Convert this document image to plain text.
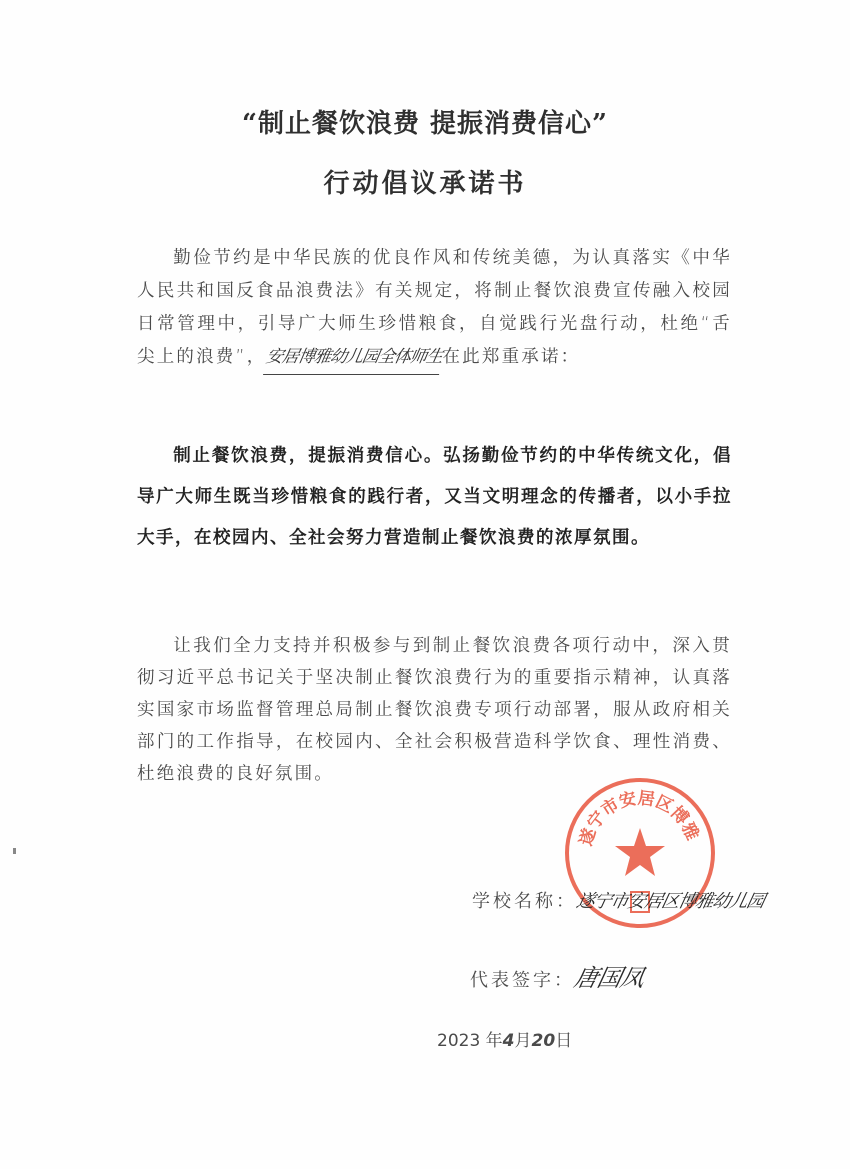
“制止餐饮浪费 提振消费信心”
行动倡议承诺书
勤俭节约是中华民族的优良作风和传统美德，为认真落实《中华人民共和国反食品浪费法》有关规定，将制止餐饮浪费宣传融入校园日常管理中，引导广大师生珍惜粮食，自觉践行光盘行动，杜绝“舌尖上的浪费”，安居博雅幼儿园全体师生在此郑重承诺：
制止餐饮浪费，提振消费信心。弘扬勤俭节约的中华传统文化，倡导广大师生既当珍惜粮食的践行者，又当文明理念的传播者，以小手拉大手，在校园内、全社会努力营造制止餐饮浪费的浓厚氛围。
让我们全力支持并积极参与到制止餐饮浪费各项行动中，深入贯彻习近平总书记关于坚决制止餐饮浪费行为的重要指示精神，认真落实国家市场监督管理总局制止餐饮浪费专项行动部署，服从政府相关部门的工作指导，在校园内、全社会积极营造科学饮食、理性消费、杜绝浪费的良好氛围。
遂宁市安居区博雅
学校名称：遂宁市安居区博雅幼儿园
代表签字：唐国凤
2023 年4月20日
